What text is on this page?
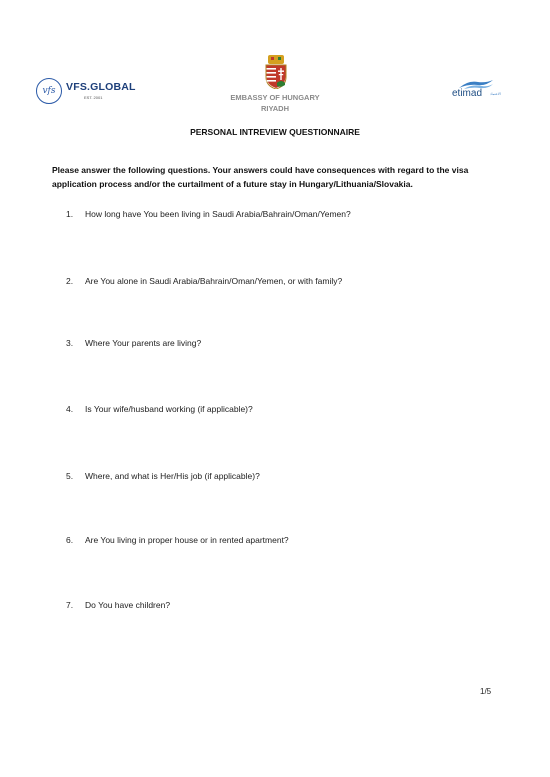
vfs VFS.GLOBAL
EST. 2001	EMBASSY OF HUNGARY
RIYADH
etimad الاعتماد
PERSONAL INTREVIEW QUESTIONNAIRE
Please answer the following questions. Your answers could have consequences with regard to the visa application process and/or the curtailment of a future stay in Hungary/Lithuania/Slovakia.
1. How long have You been living in Saudi Arabia/Bahrain/Oman/Yemen?
2. Are You alone in Saudi Arabia/Bahrain/Oman/Yemen, or with family?
3. Where Your parents are living?
4. Is Your wife/husband working (if applicable)?
5. Where, and what is Her/His job (if applicable)?
6. Are You living in proper house or in rented apartment?
7. Do You have children?
1/5
